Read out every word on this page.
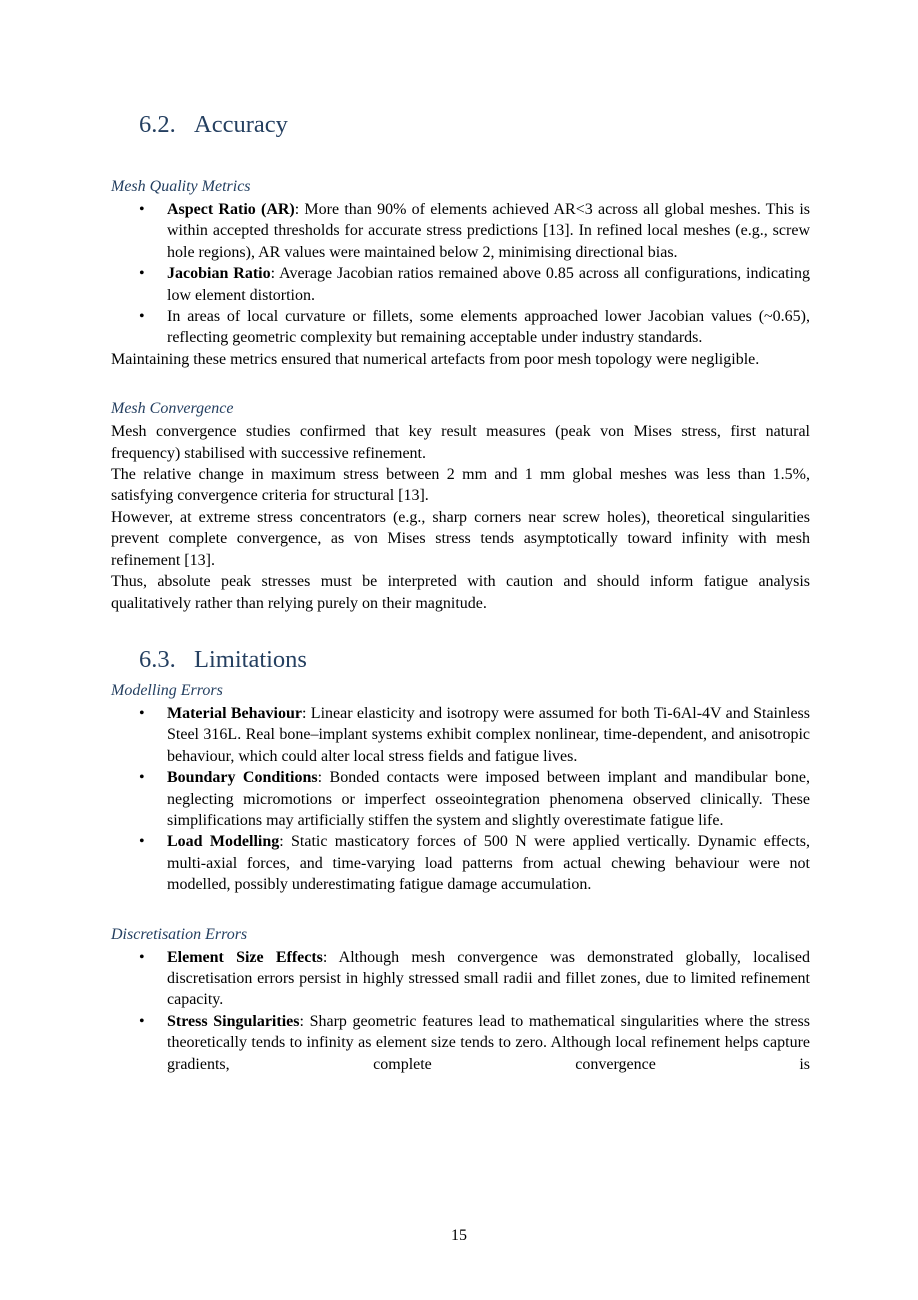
6.2. Accuracy
Mesh Quality Metrics
• Aspect Ratio (AR): More than 90% of elements achieved AR<3 across all global meshes. This is within accepted thresholds for accurate stress predictions [13]. In refined local meshes (e.g., screw hole regions), AR values were maintained below 2, minimising directional bias.
• Jacobian Ratio: Average Jacobian ratios remained above 0.85 across all configurations, indicating low element distortion.
• In areas of local curvature or fillets, some elements approached lower Jacobian values (~0.65), reflecting geometric complexity but remaining acceptable under industry standards.

Maintaining these metrics ensured that numerical artefacts from poor mesh topology were negligible.

Mesh Convergence

Mesh convergence studies confirmed that key result measures (peak von Mises stress, first natural frequency) stabilised with successive refinement.

The relative change in maximum stress between 2 mm and 1 mm global meshes was less than 1.5%, satisfying convergence criteria for structural [13].

However, at extreme stress concentrators (e.g., sharp corners near screw holes), theoretical singularities prevent complete convergence, as von Mises stress tends asymptotically toward infinity with mesh refinement [13].

Thus, absolute peak stresses must be interpreted with caution and should inform fatigue analysis qualitatively rather than relying purely on their magnitude.

6.3. Limitations
Modelling Errors
• Material Behaviour: Linear elasticity and isotropy were assumed for both Ti-6Al-4V and Stainless Steel 316L. Real bone–implant systems exhibit complex nonlinear, time-dependent, and anisotropic behaviour, which could alter local stress fields and fatigue lives.
• Boundary Conditions: Bonded contacts were imposed between implant and mandibular bone, neglecting micromotions or imperfect osseointegration phenomena observed clinically. These simplifications may artificially stiffen the system and slightly overestimate fatigue life.
• Load Modelling: Static masticatory forces of 500 N were applied vertically. Dynamic effects, multi-axial forces, and time-varying load patterns from actual chewing behaviour were not modelled, possibly underestimating fatigue damage accumulation.
Discretisation Errors
• Element Size Effects: Although mesh convergence was demonstrated globally, localised discretisation errors persist in highly stressed small radii and fillet zones, due to limited refinement capacity.
• Stress Singularities: Sharp geometric features lead to mathematical singularities where the stress theoretically tends to infinity as element size tends to zero. Although local refinement helps capture gradients, complete convergence is
15
